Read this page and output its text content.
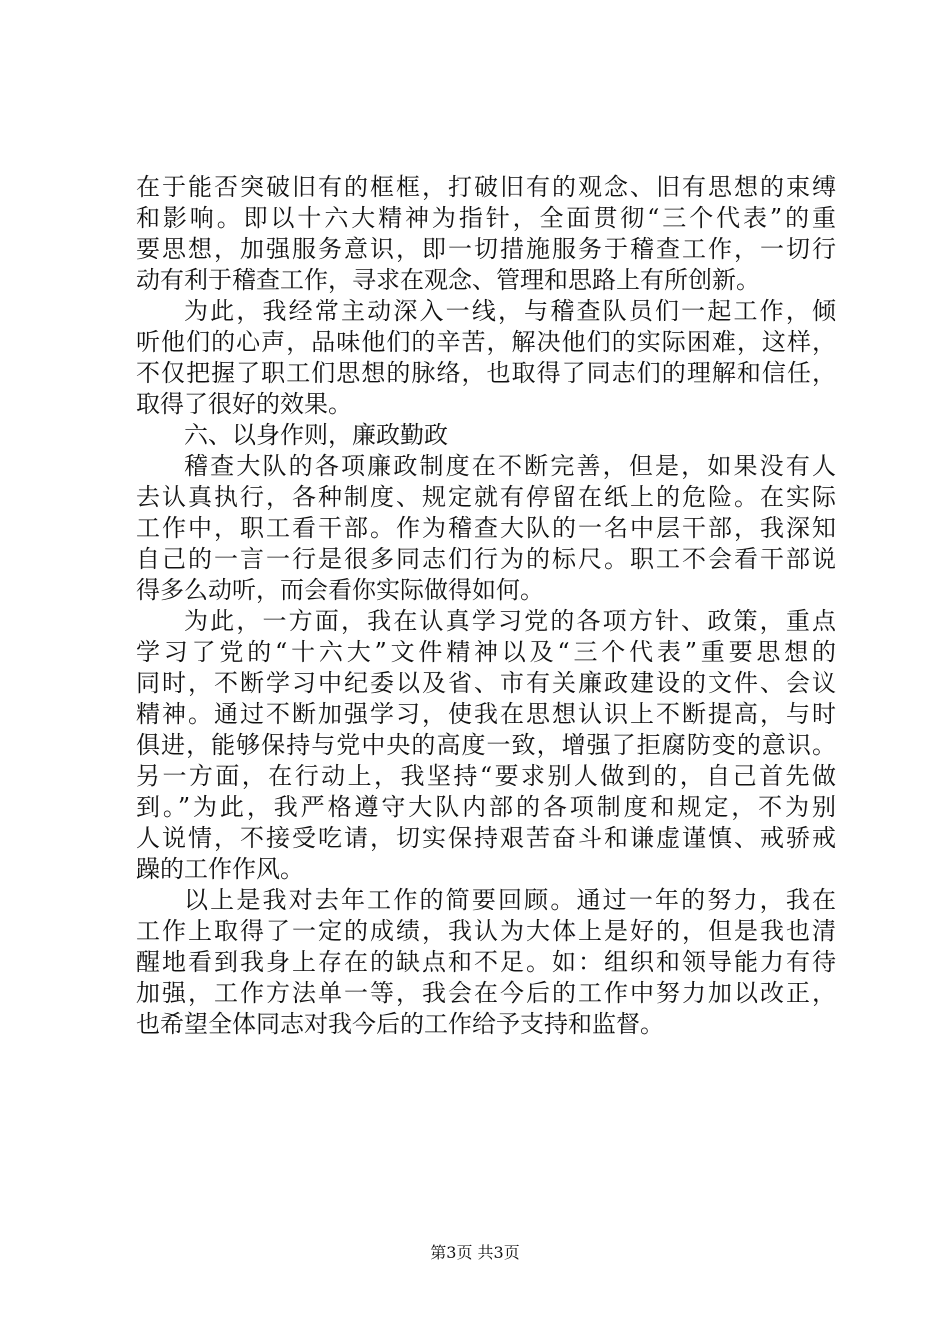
在于能否突破旧有的框框，打破旧有的观念、旧有思想的束缚
和影响。即以十六大精神为指针，全面贯彻“三个代表”的重
要思想，加强服务意识，即一切措施服务于稽查工作，一切行
动有利于稽查工作，寻求在观念、管理和思路上有所创新。
为此，我经常主动深入一线，与稽查队员们一起工作，倾
听他们的心声，品味他们的辛苦，解决他们的实际困难，这样，
不仅把握了职工们思想的脉络，也取得了同志们的理解和信任，
取得了很好的效果。
六、以身作则，廉政勤政
稽查大队的各项廉政制度在不断完善，但是，如果没有人
去认真执行，各种制度、规定就有停留在纸上的危险。在实际
工作中，职工看干部。作为稽查大队的一名中层干部，我深知
自己的一言一行是很多同志们行为的标尺。职工不会看干部说
得多么动听，而会看你实际做得如何。
为此，一方面，我在认真学习党的各项方针、政策，重点
学习了党的“十六大”文件精神以及“三个代表”重要思想的
同时，不断学习中纪委以及省、市有关廉政建设的文件、会议
精神。通过不断加强学习，使我在思想认识上不断提高，与时
俱进，能够保持与党中央的高度一致，增强了拒腐防变的意识。
另一方面，在行动上，我坚持“要求别人做到的，自己首先做
到。”为此，我严格遵守大队内部的各项制度和规定，不为别
人说情，不接受吃请，切实保持艰苦奋斗和谦虚谨慎、戒骄戒
躁的工作作风。
以上是我对去年工作的简要回顾。通过一年的努力，我在
工作上取得了一定的成绩，我认为大体上是好的，但是我也清
醒地看到我身上存在的缺点和不足。如：组织和领导能力有待
加强，工作方法单一等，我会在今后的工作中努力加以改正，
也希望全体同志对我今后的工作给予支持和监督。
第3页 共3页
